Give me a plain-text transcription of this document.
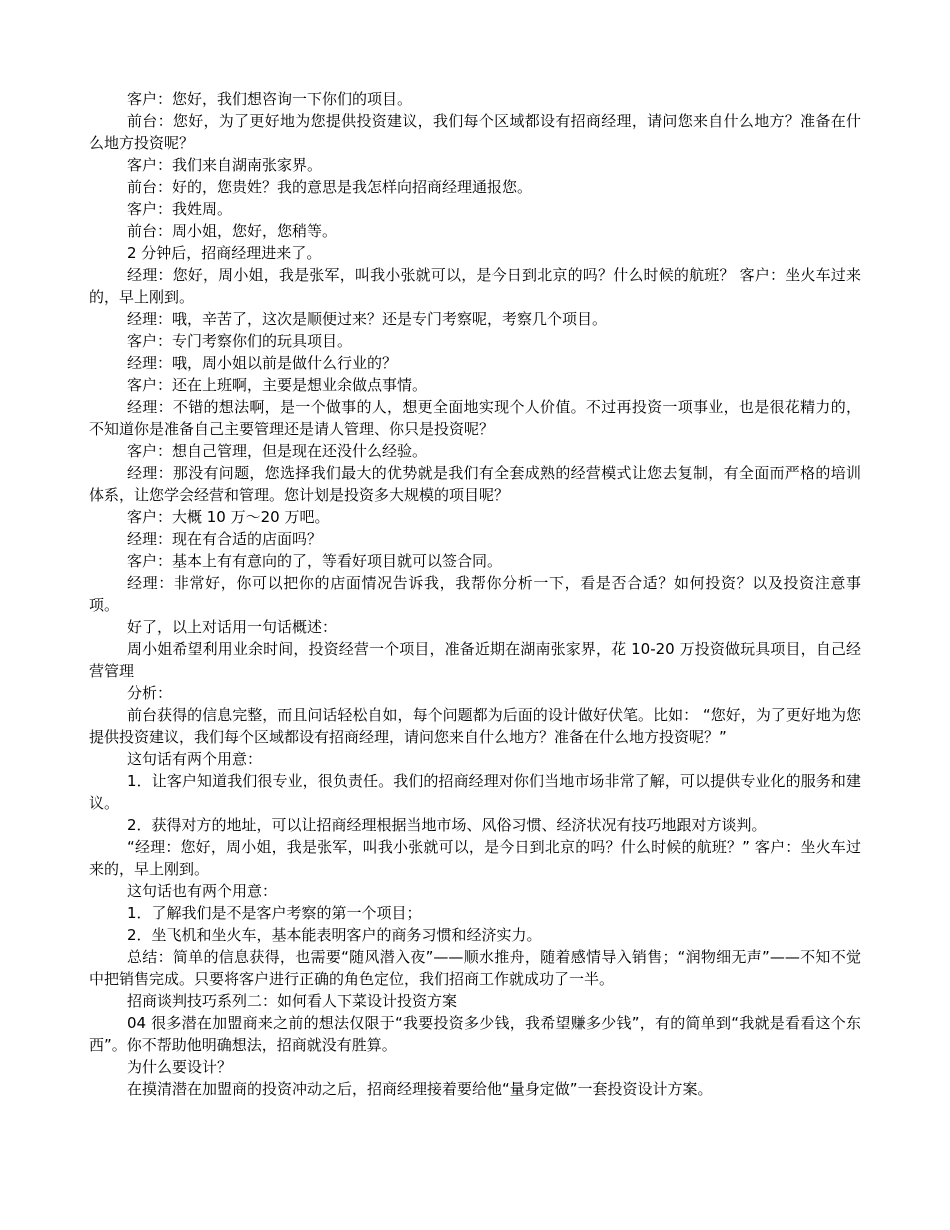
客户：您好，我们想咨询一下你们的项目。

前台：您好，为了更好地为您提供投资建议，我们每个区域都设有招商经理，请问您来自什么地方？准备在什么地方投资呢？

客户：我们来自湖南张家界。

前台：好的，您贵姓？我的意思是我怎样向招商经理通报您。

客户：我姓周。

前台：周小姐，您好，您稍等。

2 分钟后，招商经理进来了。

经理：您好，周小姐，我是张军，叫我小张就可以，是今日到北京的吗？什么时候的航班？ 客户：坐火车过来的，早上刚到。

经理：哦，辛苦了，这次是顺便过来？还是专门考察呢，考察几个项目。

客户：专门考察你们的玩具项目。

经理：哦，周小姐以前是做什么行业的？

客户：还在上班啊，主要是想业余做点事情。

经理：不错的想法啊，是一个做事的人，想更全面地实现个人价值。不过再投资一项事业，也是很花精力的，不知道你是准备自己主要管理还是请人管理、你只是投资呢？

客户：想自己管理，但是现在还没什么经验。

经理：那没有问题，您选择我们最大的优势就是我们有全套成熟的经营模式让您去复制，有全面而严格的培训体系，让您学会经营和管理。您计划是投资多大规模的项目呢？

客户：大概 10 万～20 万吧。

经理：现在有合适的店面吗？

客户：基本上有有意向的了，等看好项目就可以签合同。

经理：非常好，你可以把你的店面情况告诉我，我帮你分析一下，看是否合适？如何投资？以及投资注意事项。

好了，以上对话用一句话概述：

周小姐希望利用业余时间，投资经营一个项目，准备近期在湖南张家界，花 10-20 万投资做玩具项目，自己经营管理

分析：

前台获得的信息完整，而且问话轻松自如，每个问题都为后面的设计做好伏笔。比如： “您好，为了更好地为您提供投资建议，我们每个区域都设有招商经理，请问您来自什么地方？准备在什么地方投资呢？”

这句话有两个用意：

1．让客户知道我们很专业，很负责任。我们的招商经理对你们当地市场非常了解，可以提供专业化的服务和建议。

2．获得对方的地址，可以让招商经理根据当地市场、风俗习惯、经济状况有技巧地跟对方谈判。

“经理：您好，周小姐，我是张军，叫我小张就可以，是今日到北京的吗？什么时候的航班？” 客户：坐火车过来的，早上刚到。

这句话也有两个用意：

1．了解我们是不是客户考察的第一个项目；

2．坐飞机和坐火车，基本能表明客户的商务习惯和经济实力。

总结：简单的信息获得，也需要“随风潜入夜”——顺水推舟，随着感情导入销售；“润物细无声”——不知不觉中把销售完成。只要将客户进行正确的角色定位，我们招商工作就成功了一半。

招商谈判技巧系列二：如何看人下菜设计投资方案

04 很多潜在加盟商来之前的想法仅限于“我要投资多少钱，我希望赚多少钱”，有的简单到“我就是看看这个东西”。你不帮助他明确想法，招商就没有胜算。

为什么要设计？

在摸清潜在加盟商的投资冲动之后，招商经理接着要给他“量身定做”一套投资设计方案。
